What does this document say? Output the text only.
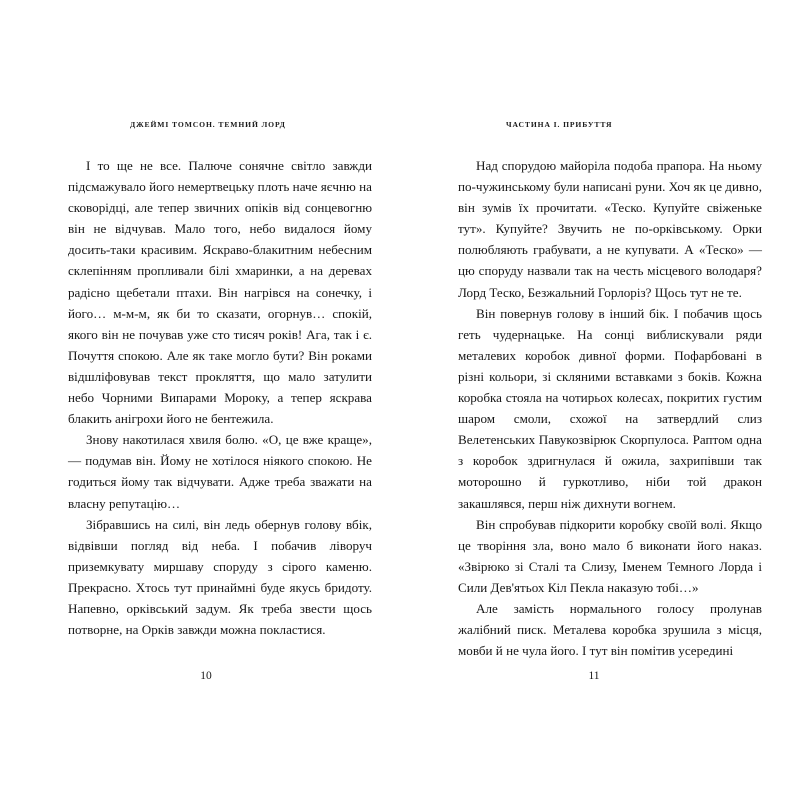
ДЖЕЙМІ ТОМСОН. ТЕМНИЙ ЛОРД

І то ще не все. Палюче сонячне світло завжди підсмажувало його немертвецьку плоть наче яєчню на сковорідці, але тепер звичних опіків від сонцевогню він не відчував. Мало того, небо видалося йому досить-таки красивим. Яскраво-блакитним небесним склепінням пропливали білі хмаринки, а на деревах радісно щебетали птахи. Він нагрівся на сонечку, і його… м-м-м, як би то сказати, огорнув… спокій, якого він не почував уже сто тисяч років! Ага, так і є. Почуття спокою. Але як таке могло бути? Він роками відшліфовував текст прокляття, що мало затулити небо Чорними Випарами Мороку, а тепер яскрава блакить анігрохи його не бентежила.

Знову накотилася хвиля болю. «О, це вже краще», — подумав він. Йому не хотілося ніякого спокою. Не годиться йому так відчувати. Адже треба зважати на власну репутацію…

Зібравшись на силі, він ледь обернув голову вбік, відвівши погляд від неба. І побачив ліворуч приземкувату миршаву споруду з сірого каменю. Прекрасно. Хтось тут принаймні буде якусь бридоту. Напевно, орківський задум. Як треба звести щось потворне, на Орків завжди можна покластися.

10
ЧАСТИНА I. ПРИБУТТЯ

Над спорудою майоріла подоба прапора. На ньому по-чужинському були написані руни. Хоч як це дивно, він зумів їх прочитати. «Теско. Купуйте свіженьке тут». Купуйте? Звучить не по-орківському. Орки полюбляють грабувати, а не купувати. А «Теско» — цю споруду назвали так на честь місцевого володаря? Лорд Теско, Безжальний Горлоріз? Щось тут не те.

Він повернув голову в інший бік. І побачив щось геть чудернацьке. На сонці виблискували ряди металевих коробок дивної форми. Пофарбовані в різні кольори, зі скляними вставками з боків. Кожна коробка стояла на чотирьох колесах, покритих густим шаром смоли, схожої на затвердлий слиз Велетенських Павукозвірюк Скорпулоса. Раптом одна з коробок здригнулася й ожила, захрипівши так моторошно й гуркотливо, ніби той дракон закашлявся, перш ніж дихнути вогнем.

Він спробував підкорити коробку своїй волі. Якщо це творіння зла, воно мало б виконати його наказ. «Звірюко зі Сталі та Слизу, Іменем Темного Лорда і Сили Дев'ятьох Кіл Пекла наказую тобі…»

Але замість нормального голосу пролунав жалібний писк. Металева коробка зрушила з місця, мовби й не чула його. І тут він помітив усередині

11
